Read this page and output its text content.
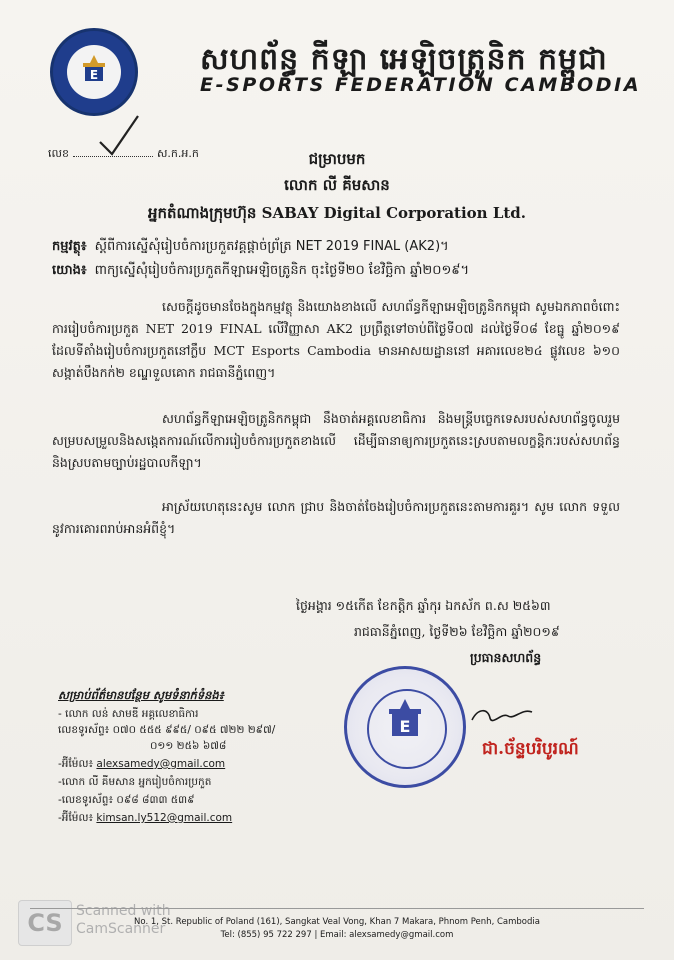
E	សហព័ន្ធ កីឡា អេឡិចត្រូនិក កម្ពុជា
E-SPORTS FEDERATION CAMBODIA
លេខ	ស.ក.អ.ក	ជម្រាបមក
លោក លី គីមសាន
អ្នកតំណាងក្រុមហ៊ុន SABAY Digital Corporation Ltd.
កម្មវត្ថុ៖ ស្តីពីការស្នើសុំរៀបចំការប្រកួតវគ្គផ្តាច់ព្រ័ត្រ NET 2019 FINAL (AK2)។
យោង៖ ពាក្យស្នើសុំរៀបចំការប្រកួតកីឡាអេឡិចត្រូនិក ចុះថ្ងៃទី២០ ខែវិច្ឆិកា ឆ្នាំ២០១៩។
សេចក្តីដូចមានចែងក្នុងកម្មវត្ថុ និងយោងខាងលើ សហព័ន្ធកីឡាអេឡិចត្រូនិកកម្ពុជា សូមឯកភាពចំពោះការរៀបចំការប្រកួត NET 2019 FINAL លើវិញ្ញាសា AK2 ប្រព្រឹត្តទៅចាប់ពីថ្ងៃទី០៧ ដល់ថ្ងៃទី០៨ ខែធ្នូ ឆ្នាំ២០១៩ ដែលទីតាំងរៀបចំការប្រកួតនៅក្លឹប MCT Esports Cambodia មានអាសយដ្ឋាននៅ អគារលេខ២៤ ផ្លូវលេខ ៦១០ សង្កាត់បឹងកក់២ ខណ្ឌទួលគោក រាជធានីភ្នំពេញ។
សហព័ន្ធកីឡាអេឡិចត្រូនិកកម្ពុជា នឹងចាត់អគ្គលេខាធិការ និងមន្ត្រីបច្ចេកទេសរបស់សហព័ន្ធចូលរួមសម្របសម្រួលនិងសង្កេតការណ៍លើការរៀបចំការប្រកួតខាងលើ ដើម្បីធានាឲ្យការប្រកួតនេះស្របតាមលក្ខន្តិកៈរបស់សហព័ន្ធ និងស្របតាមច្បាប់រដ្ឋបាលកីឡា។
អាស្រ័យហេតុនេះសូម លោក ជ្រាប និងចាត់ចែងរៀបចំការប្រកួតនេះតាមការគួរ។ សូម លោក ទទួលនូវការគោរពរាប់អានអំពីខ្ញុំ។
ថ្ងៃអង្គារ ១៥កើត ខែកត្តិក ឆ្នាំកុរ ឯកស័ក ព.ស ២៥៦៣
រាជធានីភ្នំពេញ, ថ្ងៃទី២៦ ខែវិច្ឆិកា ឆ្នាំ២០១៩
ប្រធានសហព័ន្ធ
សម្រាប់ព័ត៌មានបន្ថែម សូមទំនាក់ទំនង៖
- លោក លន់ សាមឌី អគ្គលេខាធិការ
លេខទូរស័ព្ទ៖ ០៧០ ៥៥៥ ៩៩៥/ ០៩៥ ៧២២ ២៩៧/
០១១ ២៥៦ ៦៧៨
-អ៊ីម៉ែល៖ alexsamedy@gmail.com
-លោក លី គីមសាន អ្នករៀបចំការប្រកួត
-លេខទូរស័ព្ទ៖ ០៩៨ ៨៣៣ ៥៣៩
-អ៊ីម៉ែល៖ kimsan.ly512@gmail.com
E
ជា.ច័ន្ទបរិបូរណ៍
CS Scanned with
CamScanner
No. 1, St. Republic of Poland (161), Sangkat Veal Vong, Khan 7 Makara, Phnom Penh, Cambodia
Tel: (855) 95 722 297 | Email: alexsamedy@gmail.com
